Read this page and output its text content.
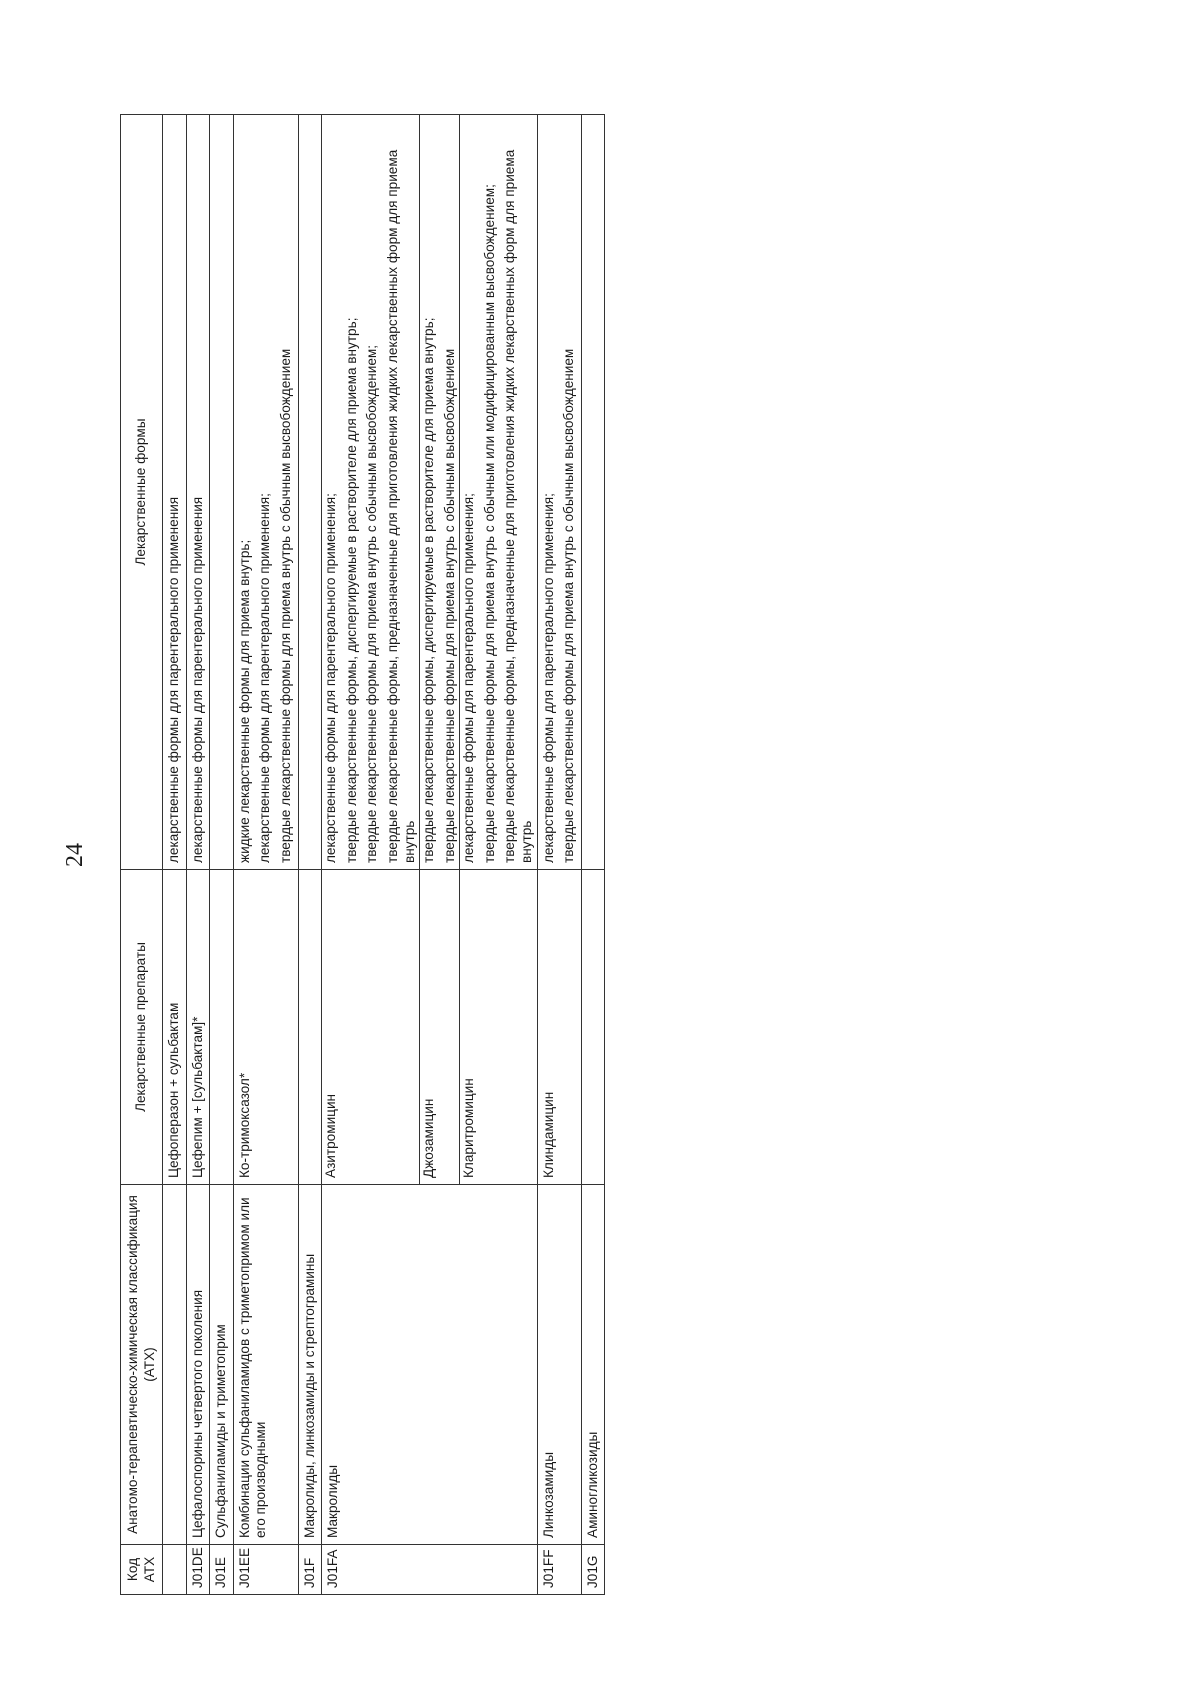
24
Код АТХ	Анатомо-терапевтическо-химическая классификация (АТХ)	Лекарственные препараты	Лекарственные формы
		Цефоперазон + сульбактам	лекарственные формы для парентерального применения

J01DE	Цефалоспорины четвертого поколения	Цефепим + [сульбактам]*	лекарственные формы для парентерального применения

J01E	Сульфаниламиды и триметоприм		
J01EE	Комбинации сульфаниламидов с триметопримом или его производными	Ко-тримоксазол*	жидкие лекарственные формы для приема внутрь; лекарственные формы для парентерального применения; твердые лекарственные формы для приема внутрь с обычным высвобождением

J01F	Макролиды, линкозамиды и стрептограмины		
J01FA	Макролиды	Азитромицин	лекарственные формы для парентерального применения; твердые лекарственные формы, диспергируемые в растворителе для приема внутрь; твердые лекарственные формы для приема внутрь с обычным высвобождением; твердые лекарственные формы, предназначенные для приготовления жидких лекарственных форм для приема внутрь

		Джозамицин	твердые лекарственные формы, диспергируемые в растворителе для приема внутрь; твердые лекарственные формы для приема внутрь с обычным высвобождением

		Кларитромицин	лекарственные формы для парентерального применения; твердые лекарственные формы для приема внутрь с обычным или модифицированным высвобождением; твердые лекарственные формы, предназначенные для приготовления жидких лекарственных форм для приема внутрь

J01FF	Линкозамиды	Клиндамицин	лекарственные формы для парентерального применения; твердые лекарственные формы для приема внутрь с обычным высвобождением

J01G	Аминогликозиды		
